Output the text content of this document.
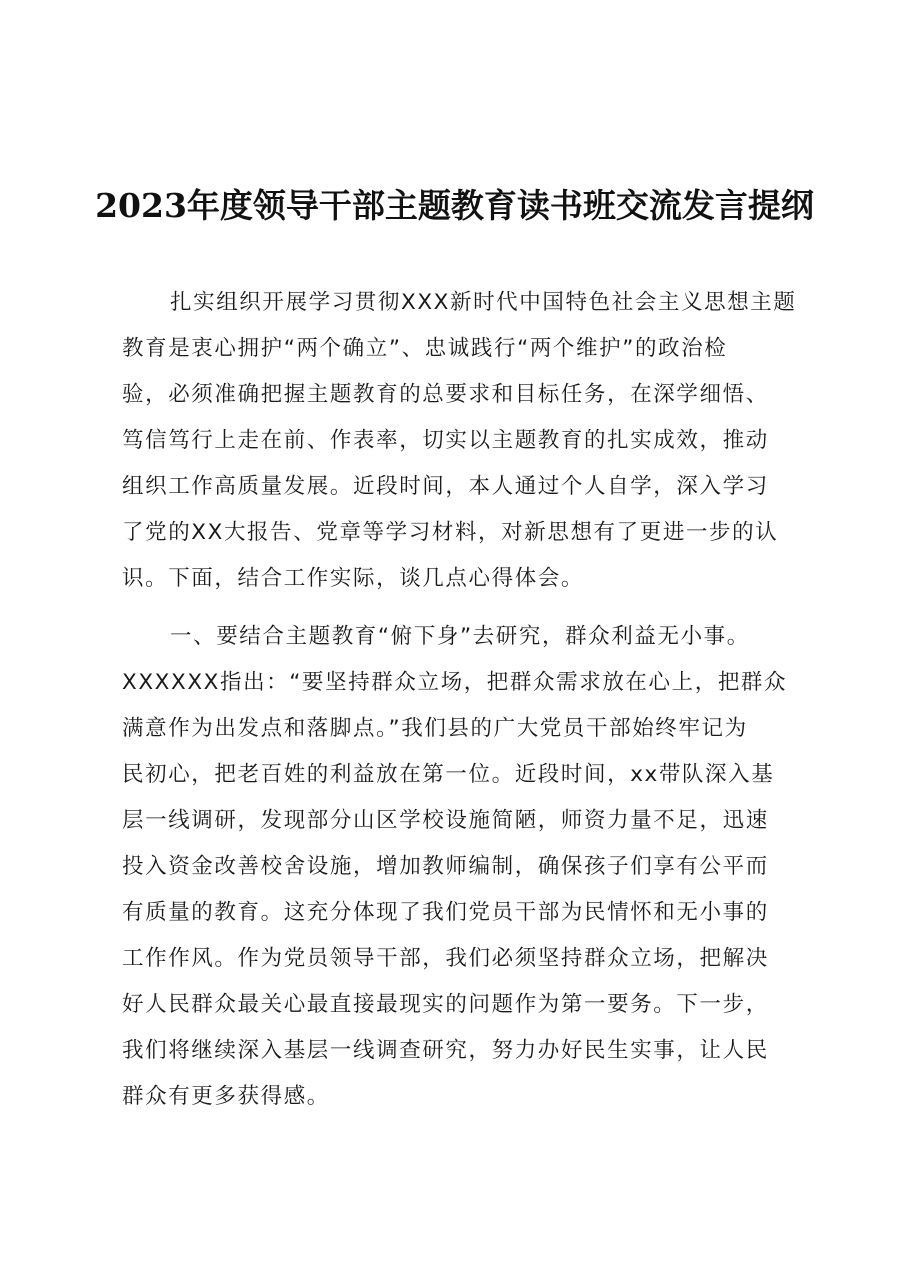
2023年度领导干部主题教育读书班交流发言提纲
扎实组织开展学习贯彻XXX新时代中国特色社会主义思想主题
教育是衷心拥护“两个确立”、忠诚践行“两个维护”的政治检
验，必须准确把握主题教育的总要求和目标任务，在深学细悟、
笃信笃行上走在前、作表率，切实以主题教育的扎实成效，推动
组织工作高质量发展。近段时间，本人通过个人自学，深入学习
了党的XX大报告、党章等学习材料，对新思想有了更进一步的认
识。下面，结合工作实际，谈几点心得体会。
一、要结合主题教育“俯下身”去研究，群众利益无小事。
XXXXXX指出：“要坚持群众立场，把群众需求放在心上，把群众
满意作为出发点和落脚点。”我们县的广大党员干部始终牢记为
民初心，把老百姓的利益放在第一位。近段时间，xx带队深入基
层一线调研，发现部分山区学校设施简陋，师资力量不足，迅速
投入资金改善校舍设施，增加教师编制，确保孩子们享有公平而
有质量的教育。这充分体现了我们党员干部为民情怀和无小事的
工作作风。作为党员领导干部，我们必须坚持群众立场，把解决
好人民群众最关心最直接最现实的问题作为第一要务。下一步，
我们将继续深入基层一线调查研究，努力办好民生实事，让人民
群众有更多获得感。
